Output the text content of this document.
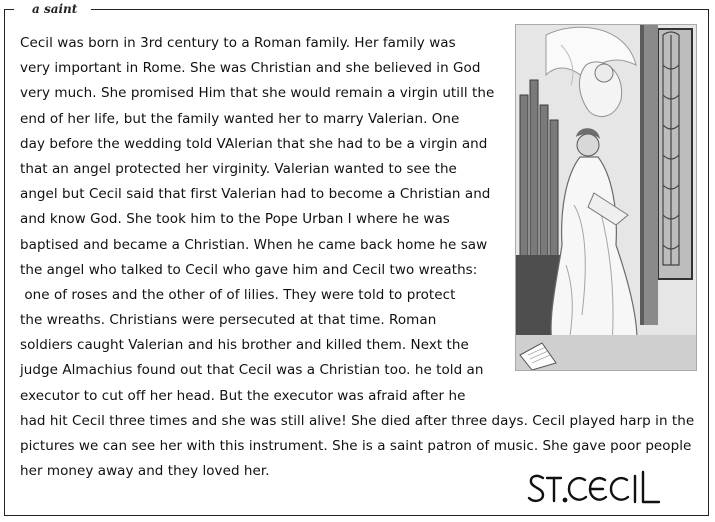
a saint
Cecil was born in 3rd century to a Roman family. Her family was
very important in Rome. She was Christian and she believed in God
very much. She promised Him that she would remain a virgin utill the
end of her life, but the family wanted her to marry Valerian. One
day before the wedding told VAlerian that she had to be a virgin and
that an angel protected her virginity. Valerian wanted to see the
angel but Cecil said that first Valerian had to become a Christian and
and know God. She took him to the Pope Urban I where he was
baptised and became a Christian. When he came back home he saw
the angel who talked to Cecil who gave him and Cecil two wreaths:
one of roses and the other of of lilies. They were told to protect
the wreaths. Christians were persecuted at that time. Roman
soldiers caught Valerian and his brother and killed them. Next the
judge Almachius found out that Cecil was a Christian too. he told an
executor to cut off her head. But the executor was afraid after he
had hit Cecil three times and she was still alive! She died after three days. Cecil played harp in the
pictures we can see her with this instrument. She is a saint patron of music. She gave poor people
her money away and they loved her.
